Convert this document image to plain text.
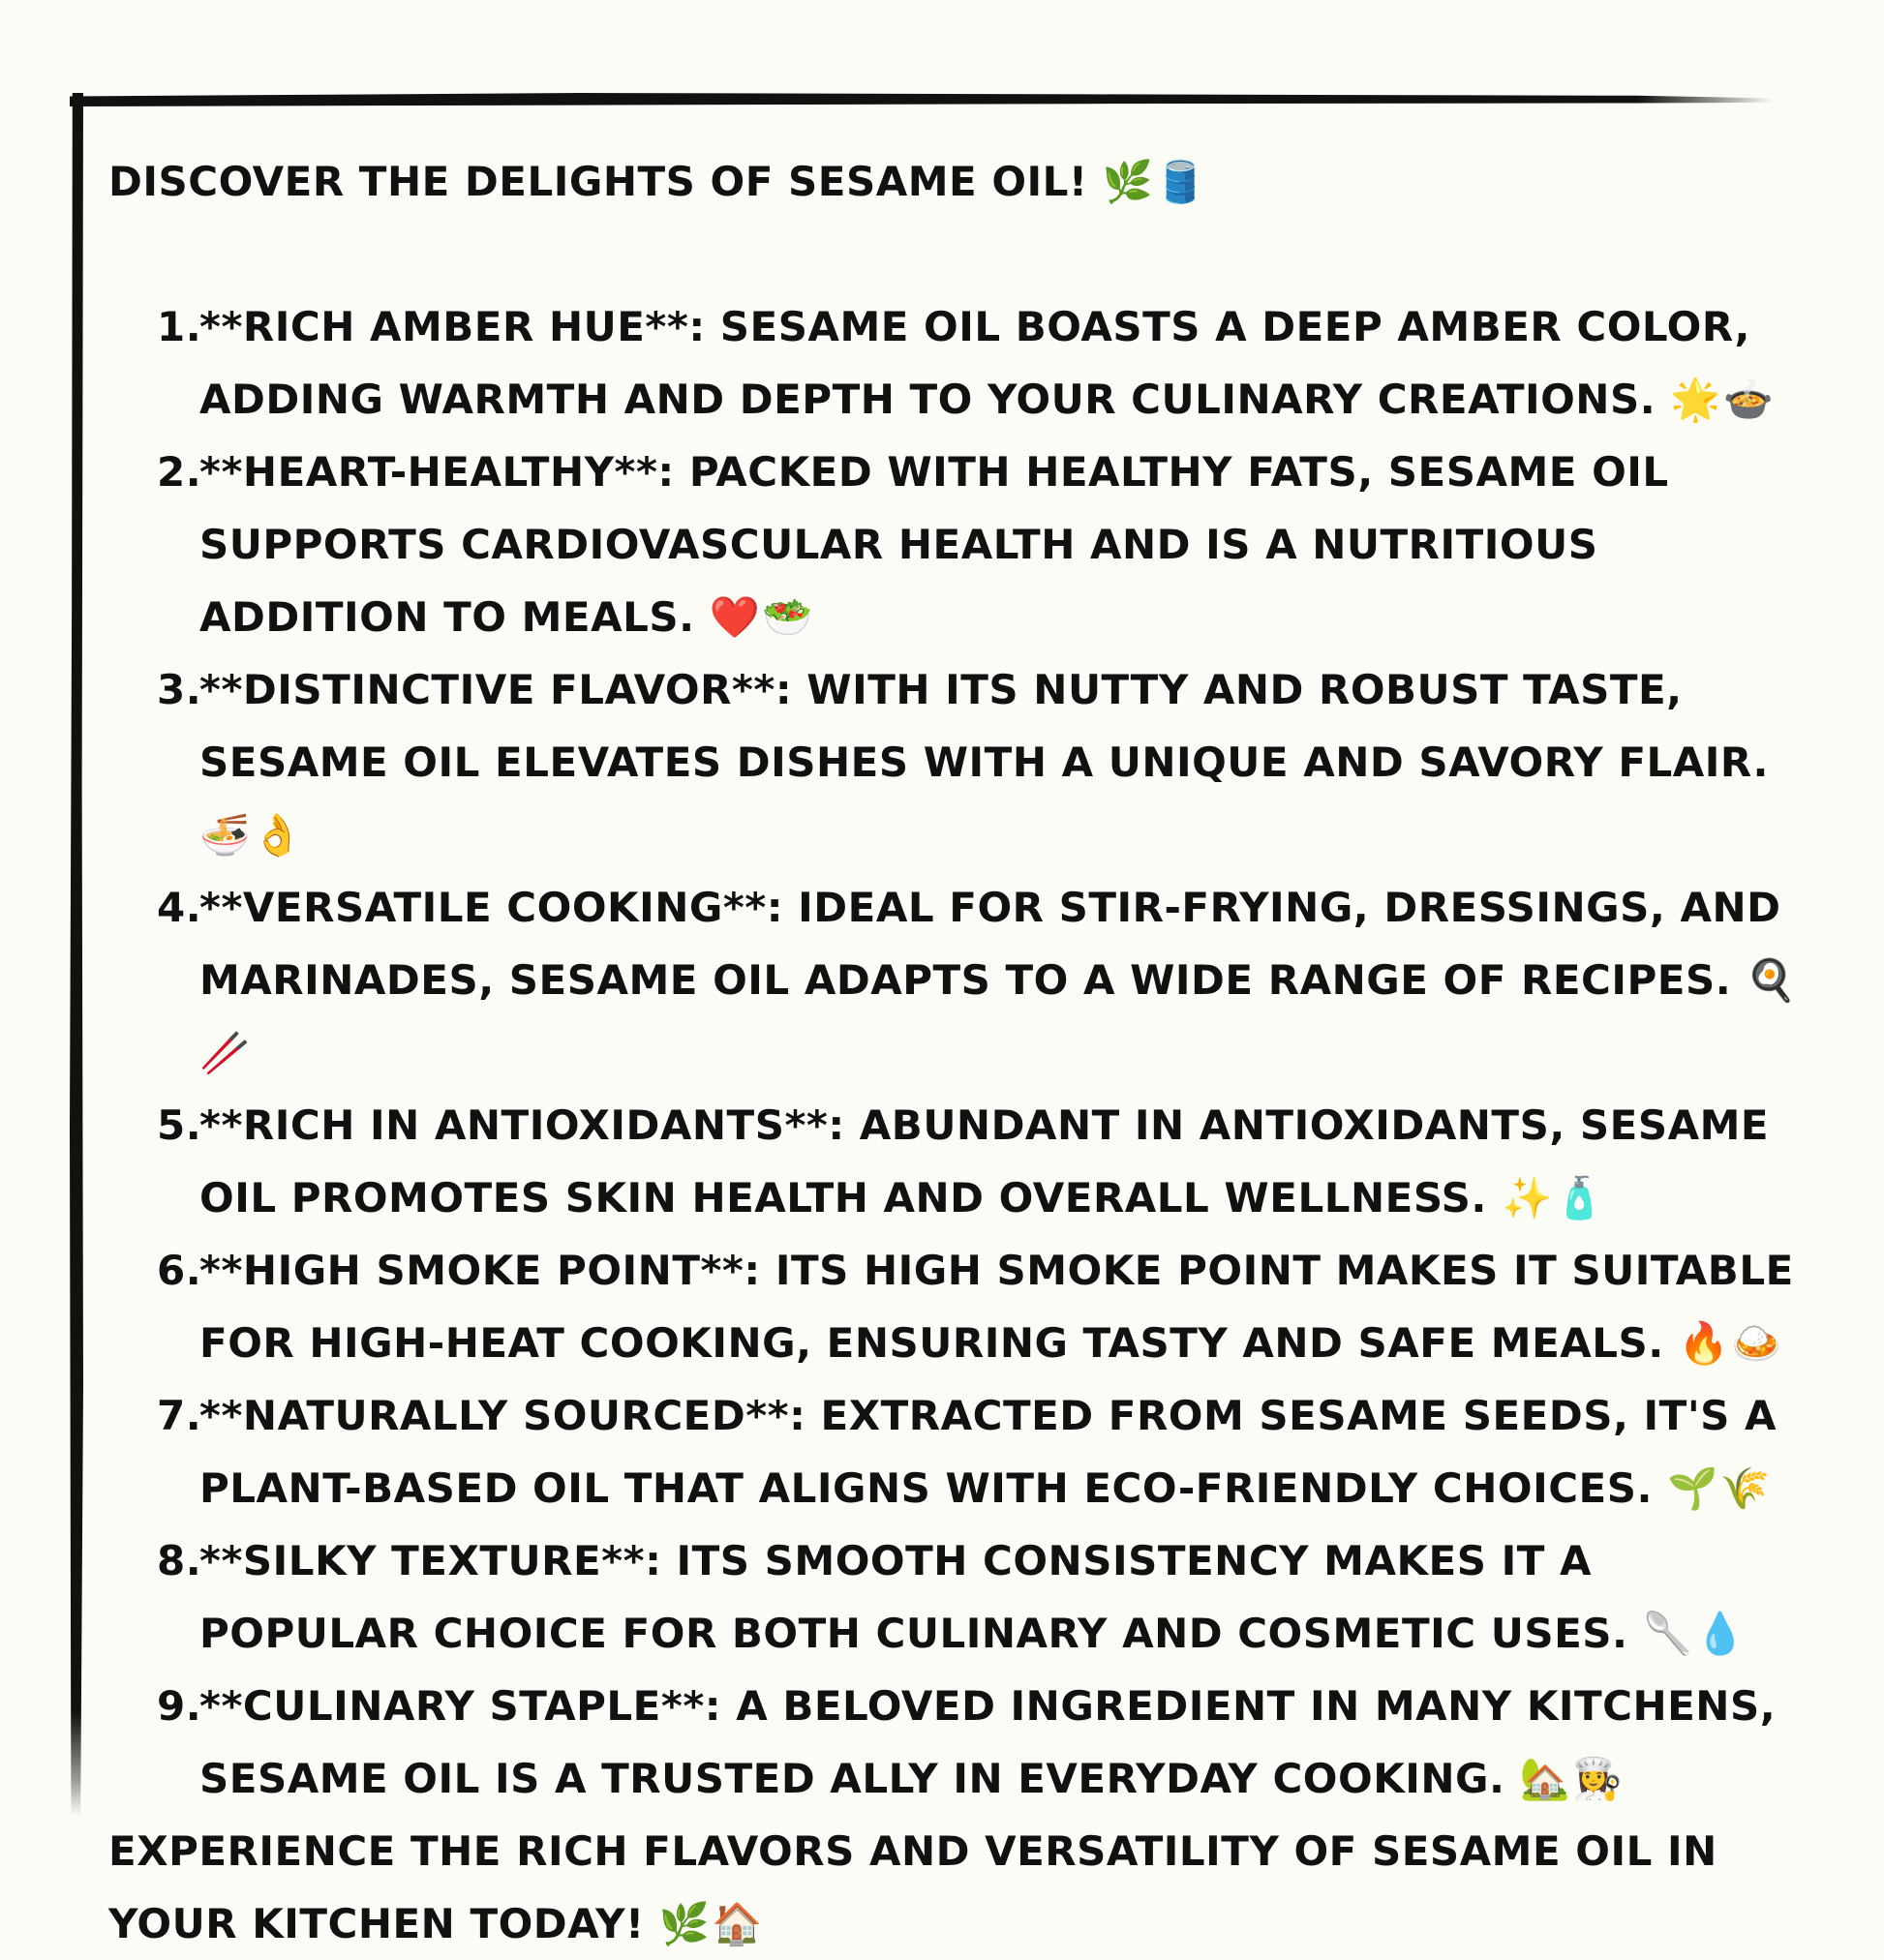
DISCOVER THE DELIGHTS OF SESAME OIL! 🌿🛢️

1.
**RICH AMBER HUE**: SESAME OIL BOASTS A DEEP AMBER COLOR, ADDING WARMTH AND DEPTH TO YOUR CULINARY CREATIONS. 🌟🍲
2.
**HEART-HEALTHY**: PACKED WITH HEALTHY FATS, SESAME OIL SUPPORTS CARDIOVASCULAR HEALTH AND IS A NUTRITIOUS ADDITION TO MEALS. ❤️🥗
3.
**DISTINCTIVE FLAVOR**: WITH ITS NUTTY AND ROBUST TASTE, SESAME OIL ELEVATES DISHES WITH A UNIQUE AND SAVORY FLAIR. 🍜👌
4.
**VERSATILE COOKING**: IDEAL FOR STIR-FRYING, DRESSINGS, AND MARINADES, SESAME OIL ADAPTS TO A WIDE RANGE OF RECIPES. 🍳🥢
5.
**RICH IN ANTIOXIDANTS**: ABUNDANT IN ANTIOXIDANTS, SESAME OIL PROMOTES SKIN HEALTH AND OVERALL WELLNESS. ✨🧴
6.
**HIGH SMOKE POINT**: ITS HIGH SMOKE POINT MAKES IT SUITABLE FOR HIGH-HEAT COOKING, ENSURING TASTY AND SAFE MEALS. 🔥🍛
7.
**NATURALLY SOURCED**: EXTRACTED FROM SESAME SEEDS, IT'S A PLANT-BASED OIL THAT ALIGNS WITH ECO-FRIENDLY CHOICES. 🌱🌾
8.
**SILKY TEXTURE**: ITS SMOOTH CONSISTENCY MAKES IT A POPULAR CHOICE FOR BOTH CULINARY AND COSMETIC USES. 🥄💧
9.
**CULINARY STAPLE**: A BELOVED INGREDIENT IN MANY KITCHENS, SESAME OIL IS A TRUSTED ALLY IN EVERYDAY COOKING. 🏡👩‍🍳

EXPERIENCE THE RICH FLAVORS AND VERSATILITY OF SESAME OIL IN YOUR KITCHEN TODAY! 🌿🏠
